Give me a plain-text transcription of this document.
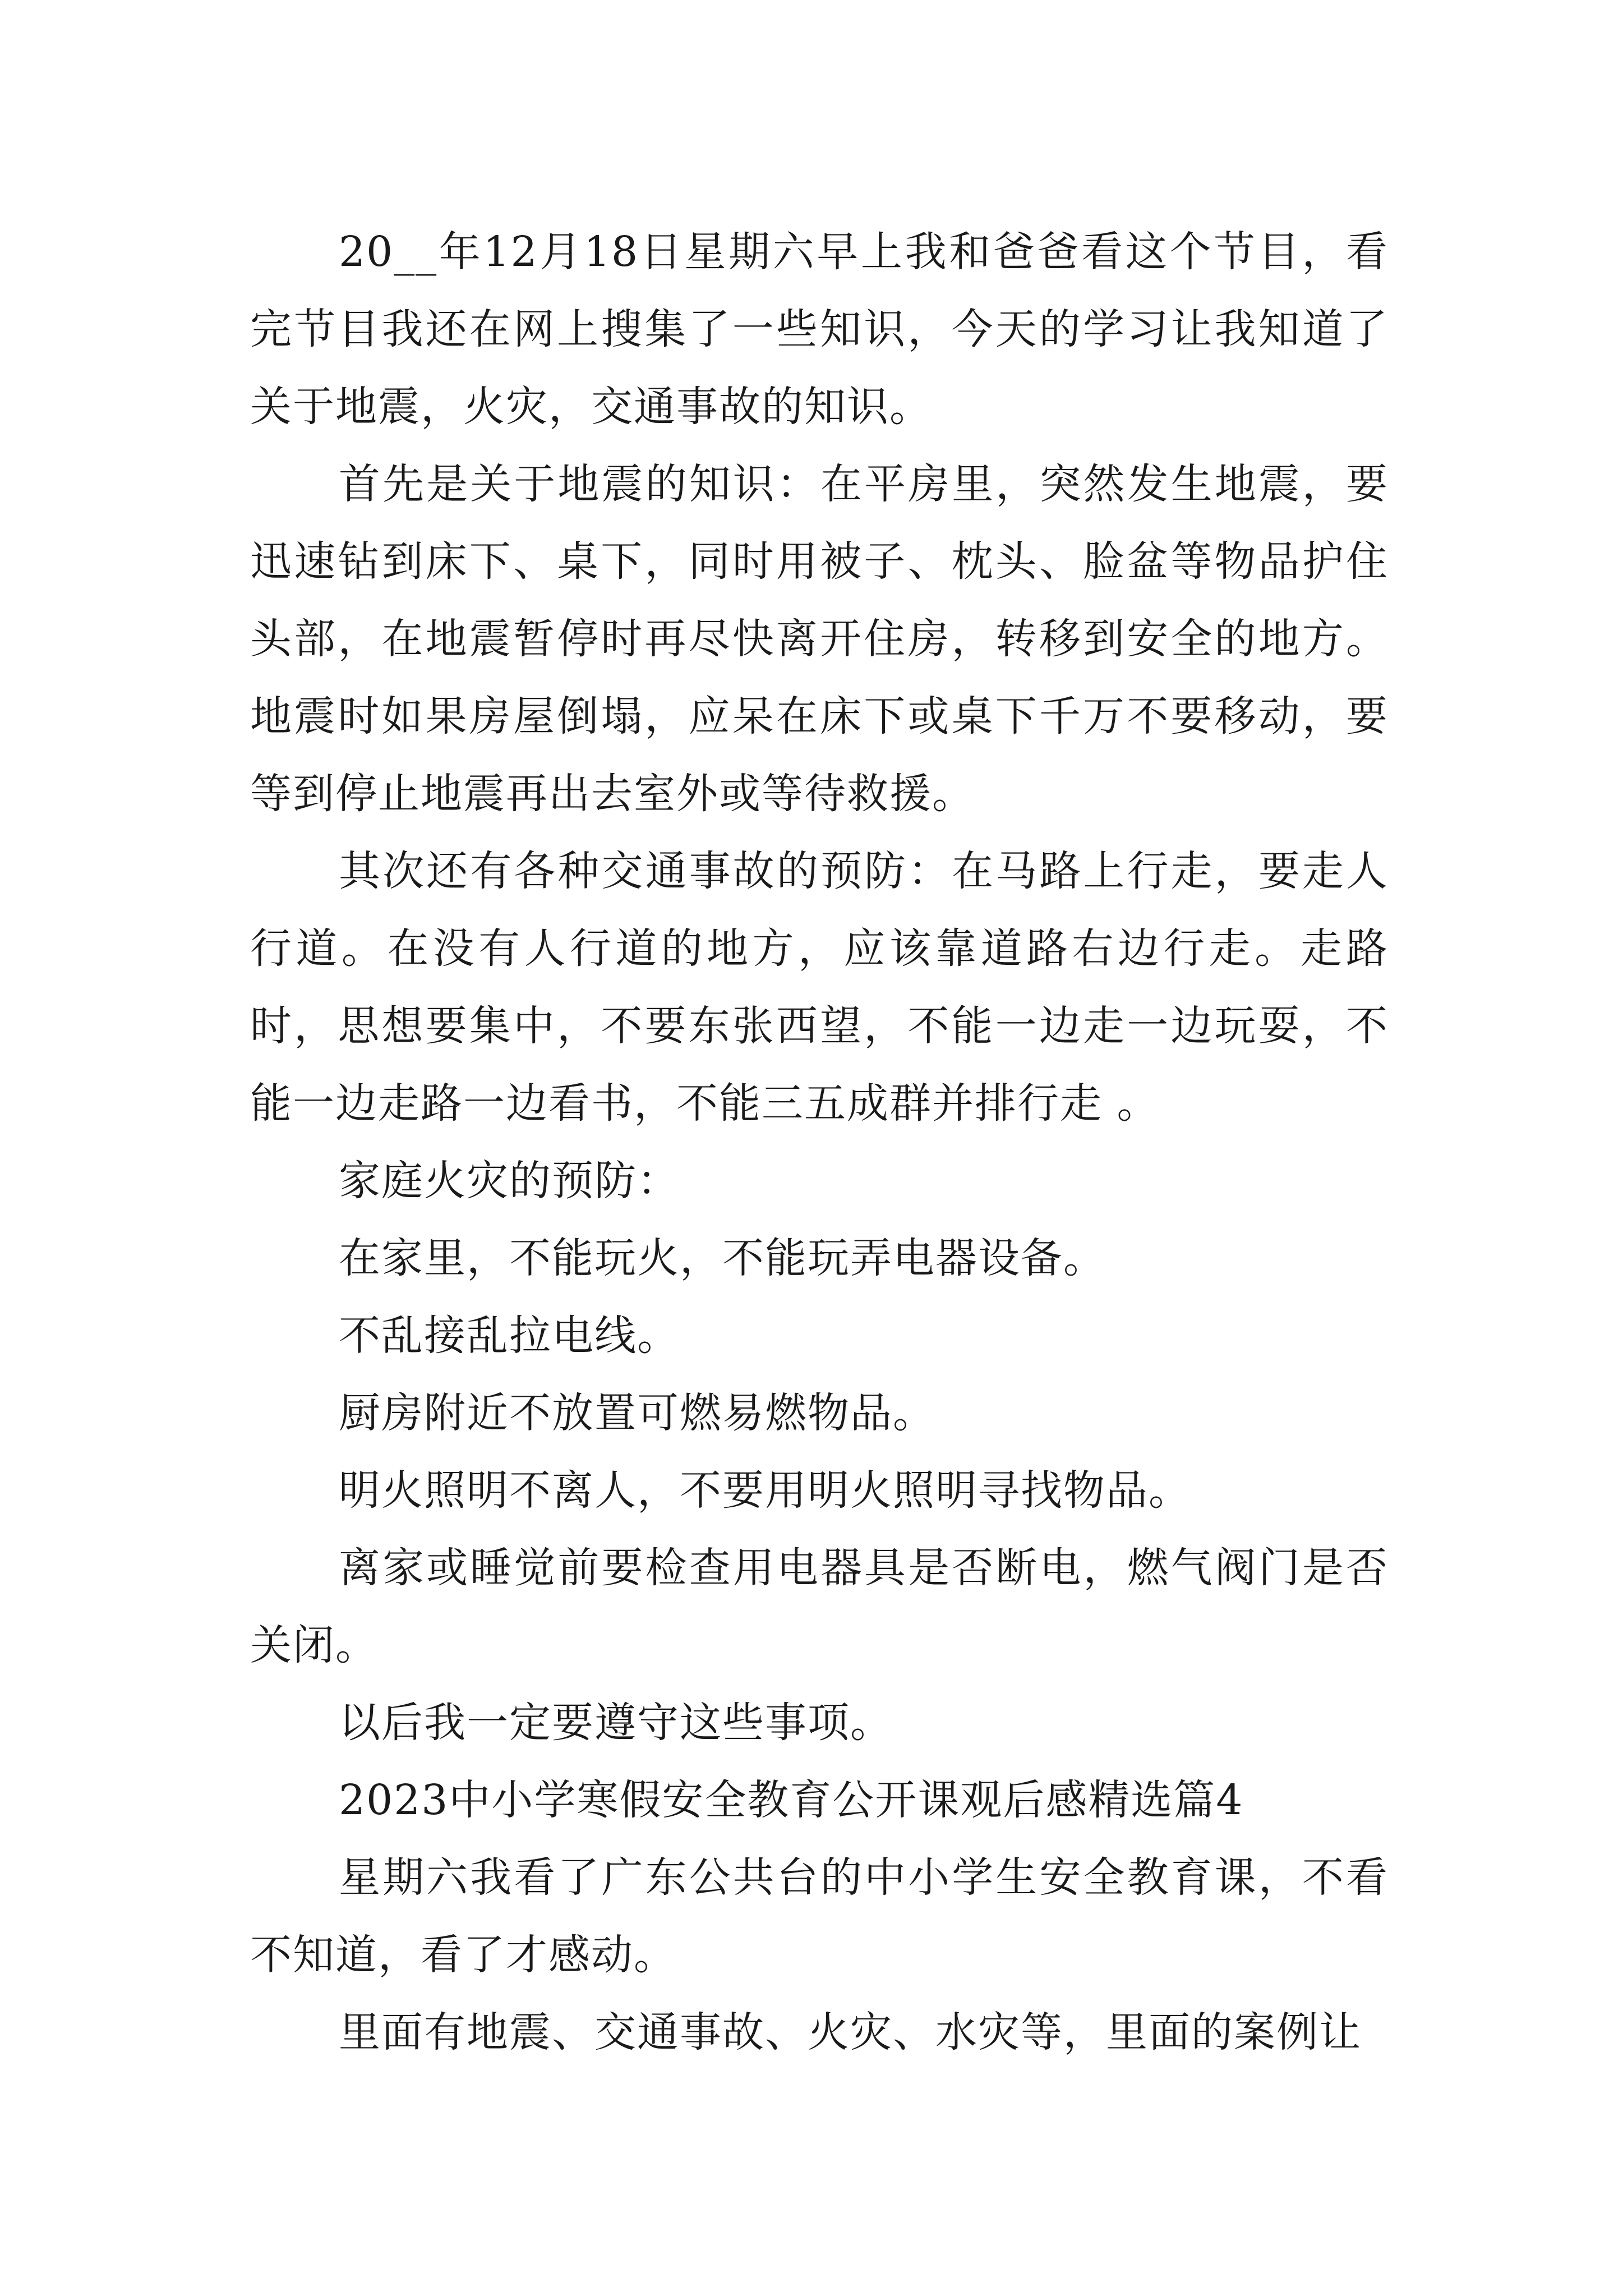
20__年12月18日星期六早上我和爸爸看这个节目，看完节目我还在网上搜集了一些知识，今天的学习让我知道了关于地震，火灾，交通事故的知识。

首先是关于地震的知识：在平房里，突然发生地震，要迅速钻到床下、桌下，同时用被子、枕头、脸盆等物品护住头部，在地震暂停时再尽快离开住房，转移到安全的地方。地震时如果房屋倒塌，应呆在床下或桌下千万不要移动，要等到停止地震再出去室外或等待救援。

其次还有各种交通事故的预防：在马路上行走，要走人行道。在没有人行道的地方，应该靠道路右边行走。走路时，思想要集中，不要东张西望，不能一边走一边玩耍，不能一边走路一边看书，不能三五成群并排行走 。

家庭火灾的预防：

在家里，不能玩火，不能玩弄电器设备。

不乱接乱拉电线。

厨房附近不放置可燃易燃物品。

明火照明不离人，不要用明火照明寻找物品。

离家或睡觉前要检查用电器具是否断电，燃气阀门是否关闭。

以后我一定要遵守这些事项。

2023中小学寒假安全教育公开课观后感精选篇4

星期六我看了广东公共台的中小学生安全教育课，不看不知道，看了才感动。

里面有地震、交通事故、火灾、水灾等，里面的案例让
